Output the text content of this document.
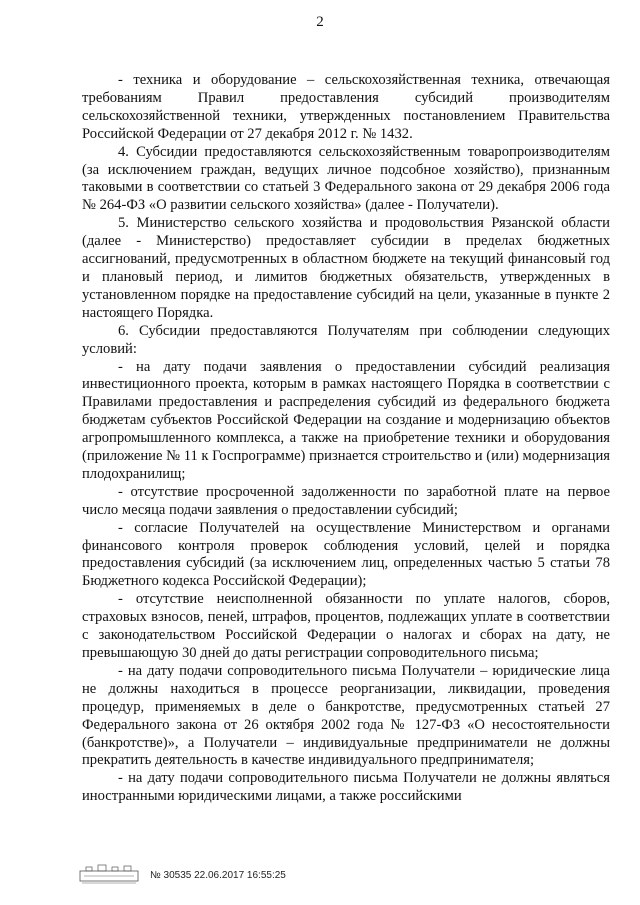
2

- техника и оборудование – сельскохозяйственная техника, отвечающая требованиям Правил предоставления субсидий производителям сельскохозяйственной техники, утвержденных постановлением Правительства Российской Федерации от 27 декабря 2012 г. № 1432.

4. Субсидии предоставляются сельскохозяйственным товаропроизводителям (за исключением граждан, ведущих личное подсобное хозяйство), признанным таковыми в соответствии со статьей 3 Федерального закона от 29 декабря 2006 года № 264-ФЗ «О развитии сельского хозяйства» (далее - Получатели).

5. Министерство сельского хозяйства и продовольствия Рязанской области (далее - Министерство) предоставляет субсидии в пределах бюджетных ассигнований, предусмотренных в областном бюджете на текущий финансовый год и плановый период, и лимитов бюджетных обязательств, утвержденных в установленном порядке на предоставление субсидий на цели, указанные в пункте 2 настоящего Порядка.

6. Субсидии предоставляются Получателям при соблюдении следующих условий:

- на дату подачи заявления о предоставлении субсидий реализация инвестиционного проекта, которым в рамках настоящего Порядка в соответствии с Правилами предоставления и распределения субсидий из федерального бюджета бюджетам субъектов Российской Федерации на создание и модернизацию объектов агропромышленного комплекса, а также на приобретение техники и оборудования (приложение № 11 к Госпрограмме) признается строительство и (или) модернизация плодохранилищ;

- отсутствие просроченной задолженности по заработной плате на первое число месяца подачи заявления о предоставлении субсидий;

- согласие Получателей на осуществление Министерством и органами финансового контроля проверок соблюдения условий, целей и порядка предоставления субсидий (за исключением лиц, определенных частью 5 статьи 78 Бюджетного кодекса Российской Федерации);

- отсутствие неисполненной обязанности по уплате налогов, сборов, страховых взносов, пеней, штрафов, процентов, подлежащих уплате в соответствии с законодательством Российской Федерации о налогах и сборах на дату, не превышающую 30 дней до даты регистрации сопроводительного письма;

- на дату подачи сопроводительного письма Получатели – юридические лица не должны находиться в процессе реорганизации, ликвидации, проведения процедур, применяемых в деле о банкротстве, предусмотренных статьей 27 Федерального закона от 26 октября 2002 года № 127-ФЗ «О несостоятельности (банкротстве)», а Получатели – индивидуальные предприниматели не должны прекратить деятельность в качестве индивидуального предпринимателя;

- на дату подачи сопроводительного письма Получатели не должны являться иностранными юридическими лицами, а также российскими

№ 30535 22.06.2017 16:55:25
